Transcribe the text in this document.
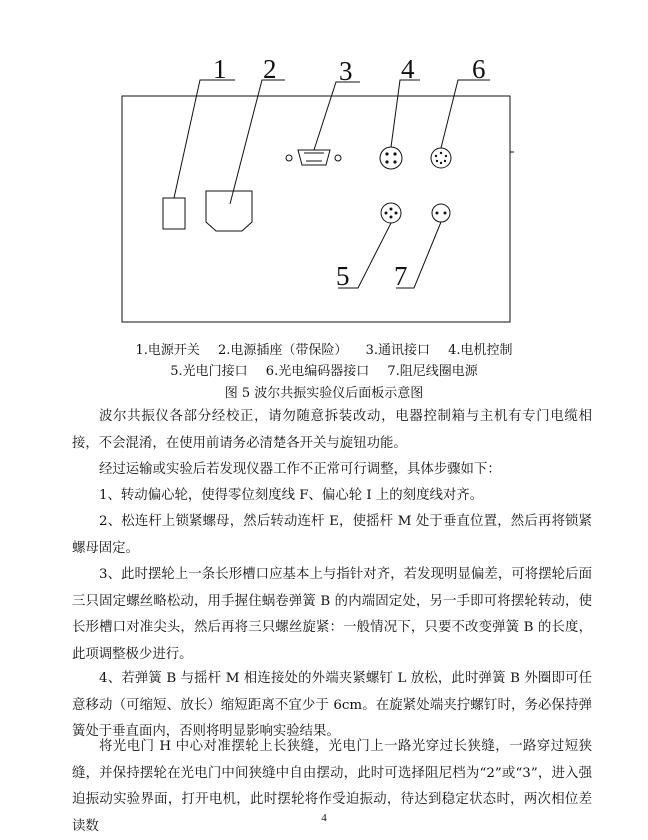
1 2 3 4 6
5 7
1.电源开关 2.电源插座（带保险） 3.通讯接口 4.电机控制
5.光电门接口 6.光电编码器接口 7.阻尼线圈电源
图 5 波尔共振实验仪后面板示意图

波尔共振仪各部分经校正，请勿随意拆装改动，电器控制箱与主机有专门电缆相接，不会混淆，在使用前请务必清楚各开关与旋钮功能。

经过运输或实验后若发现仪器工作不正常可行调整，具体步骤如下：

1、转动偏心轮，使得零位刻度线 F、偏心轮 I 上的刻度线对齐。

2、松连杆上锁紧螺母，然后转动连杆 E，使摇杆 M 处于垂直位置，然后再将锁紧螺母固定。

3、此时摆轮上一条长形槽口应基本上与指针对齐，若发现明显偏差，可将摆轮后面三只固定螺丝略松动，用手握住蜗卷弹簧 B 的内端固定处，另一手即可将摆轮转动，使长形槽口对准尖头，然后再将三只螺丝旋紧：一般情况下，只要不改变弹簧 B 的长度，此项调整极少进行。

4、若弹簧 B 与摇杆 M 相连接处的外端夹紧螺钉 L 放松，此时弹簧 B 外圈即可任意移动（可缩短、放长）缩短距离不宜少于 6cm。在旋紧处端夹拧螺钉时，务必保持弹簧处于垂直面内，否则将明显影响实验结果。

将光电门 H 中心对准摆轮上长狭缝，光电门上一路光穿过长狭缝，一路穿过短狭缝，并保持摆轮在光电门中间狭缝中自由摆动，此时可选择阻尼档为“2”或“3”，进入强迫振动实验界面，打开电机，此时摆轮将作受迫振动，待达到稳定状态时，两次相位差读数

4
